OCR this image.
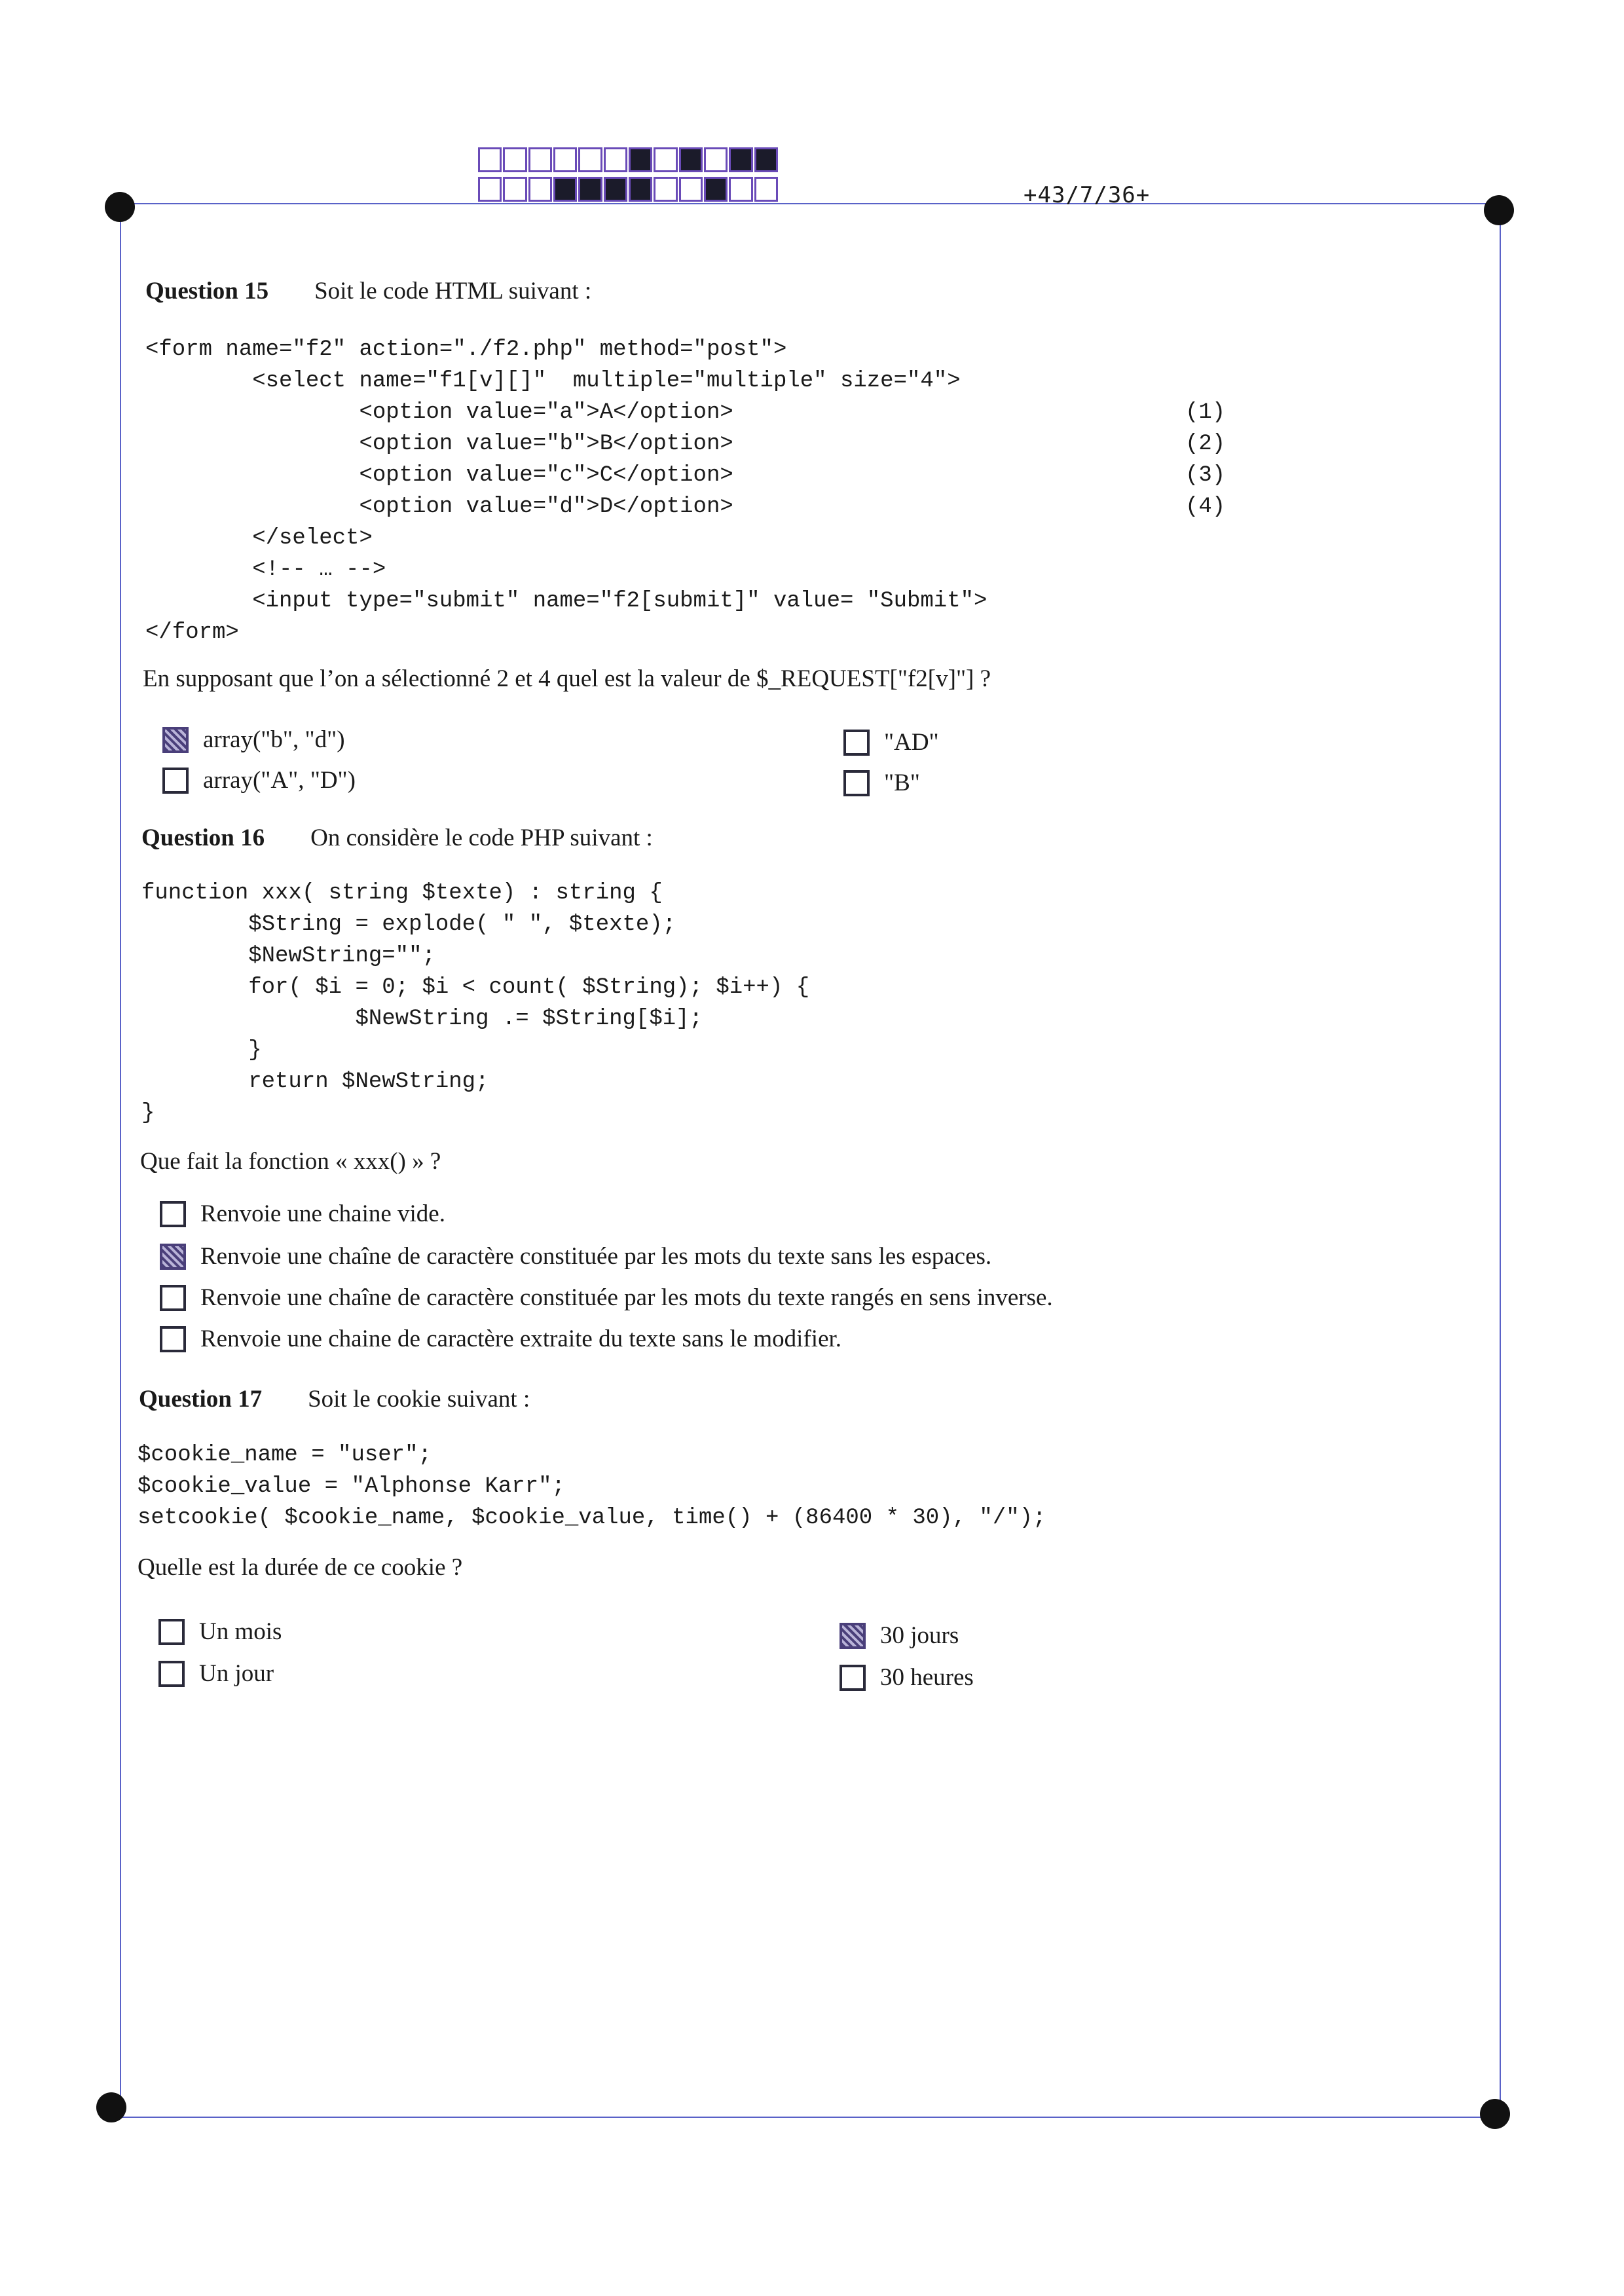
+43/7/36+
Question 15 Soit le code HTML suivant :
<form name="f2" action="./f2.php" method="post">
<select name="f1[v][]"  multiple="multiple" size="4">
<option value="a">A</option>
<option value="b">B</option>
<option value="c">C</option>
<option value="d">D</option>
</select>
<!-- … -->
<input type="submit" name="f2[submit]" value= "Submit">
</form>
(1)
(2)
(3)
(4)
En supposant que l’on a sélectionné 2 et 4 quel est la valeur de $_REQUEST["f2[v]"] ?
array("b", "d")
array("A", "D")
"AD"
"B"
Question 16 On considère le code PHP suivant :
function xxx( string $texte) : string {
$String = explode( " ", $texte);
$NewString="";
for( $i = 0; $i < count( $String); $i++) {
$NewString .= $String[$i];
}
return $NewString;
}
Que fait la fonction « xxx() » ?
Renvoie une chaine vide.
Renvoie une chaîne de caractère constituée par les mots du texte sans les espaces.
Renvoie une chaîne de caractère constituée par les mots du texte rangés en sens inverse.
Renvoie une chaine de caractère extraite du texte sans le modifier.
Question 17 Soit le cookie suivant :
$cookie_name = "user";
$cookie_value = "Alphonse Karr";
setcookie( $cookie_name, $cookie_value, time() + (86400 * 30), "/");
Quelle est la durée de ce cookie ?
Un mois
Un jour
30 jours
30 heures
